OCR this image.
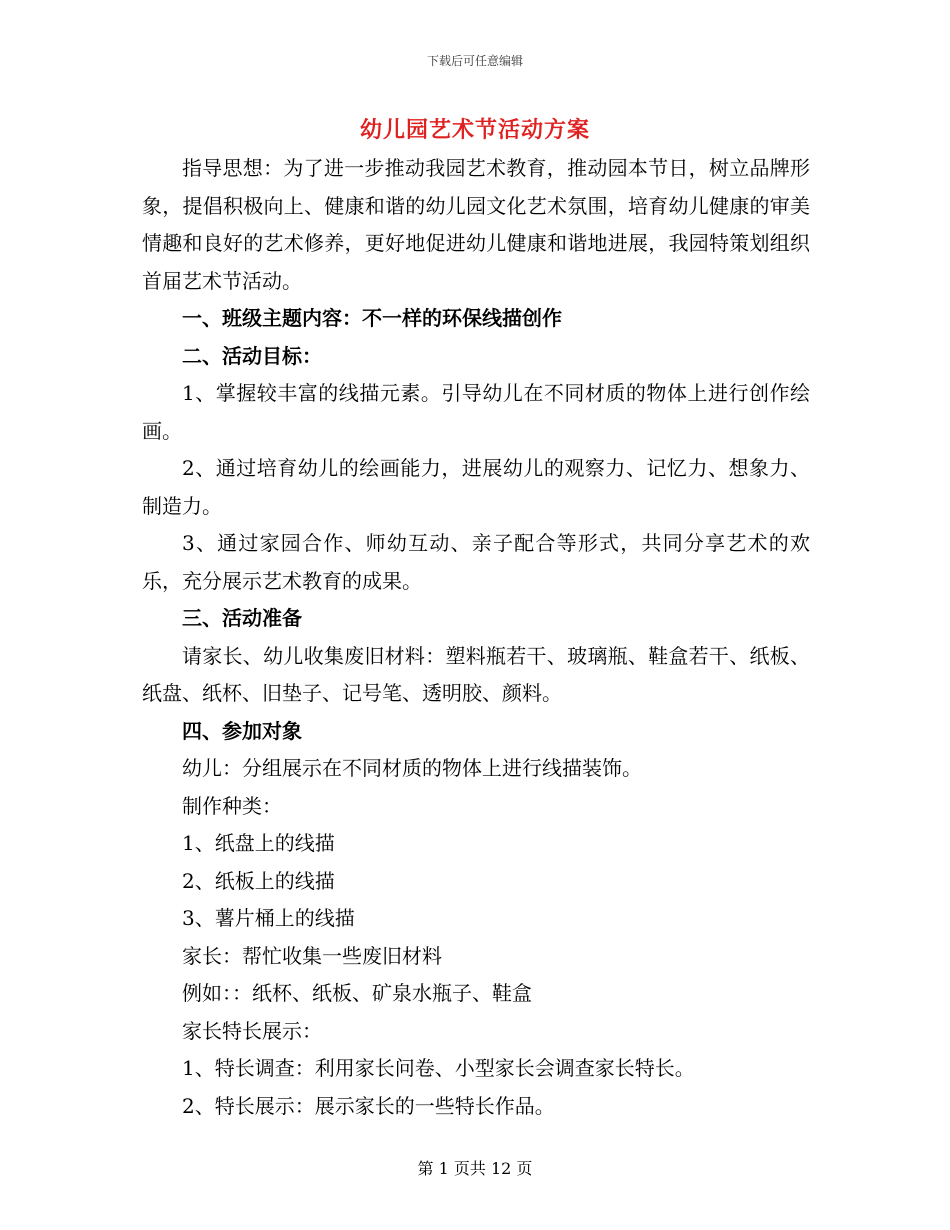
下载后可任意编辑
幼儿园艺术节活动方案

指导思想：为了进一步推动我园艺术教育，推动园本节日，树立品牌形象，提倡积极向上、健康和谐的幼儿园文化艺术氛围，培育幼儿健康的审美情趣和良好的艺术修养，更好地促进幼儿健康和谐地进展，我园特策划组织首届艺术节活动。

一、班级主题内容：不一样的环保线描创作

二、活动目标：

1、掌握较丰富的线描元素。引导幼儿在不同材质的物体上进行创作绘画。

2、通过培育幼儿的绘画能力，进展幼儿的观察力、记忆力、想象力、制造力。

3、通过家园合作、师幼互动、亲子配合等形式，共同分享艺术的欢乐，充分展示艺术教育的成果。

三、活动准备

请家长、幼儿收集废旧材料：塑料瓶若干、玻璃瓶、鞋盒若干、纸板、纸盘、纸杯、旧垫子、记号笔、透明胶、颜料。

四、参加对象

幼儿：分组展示在不同材质的物体上进行线描装饰。

制作种类：

1、纸盘上的线描

2、纸板上的线描

3、薯片桶上的线描

家长：帮忙收集一些废旧材料

例如：：纸杯、纸板、矿泉水瓶子、鞋盒

家长特长展示：

1、特长调查：利用家长问卷、小型家长会调查家长特长。

2、特长展示：展示家长的一些特长作品。

第 1 页共 12 页
